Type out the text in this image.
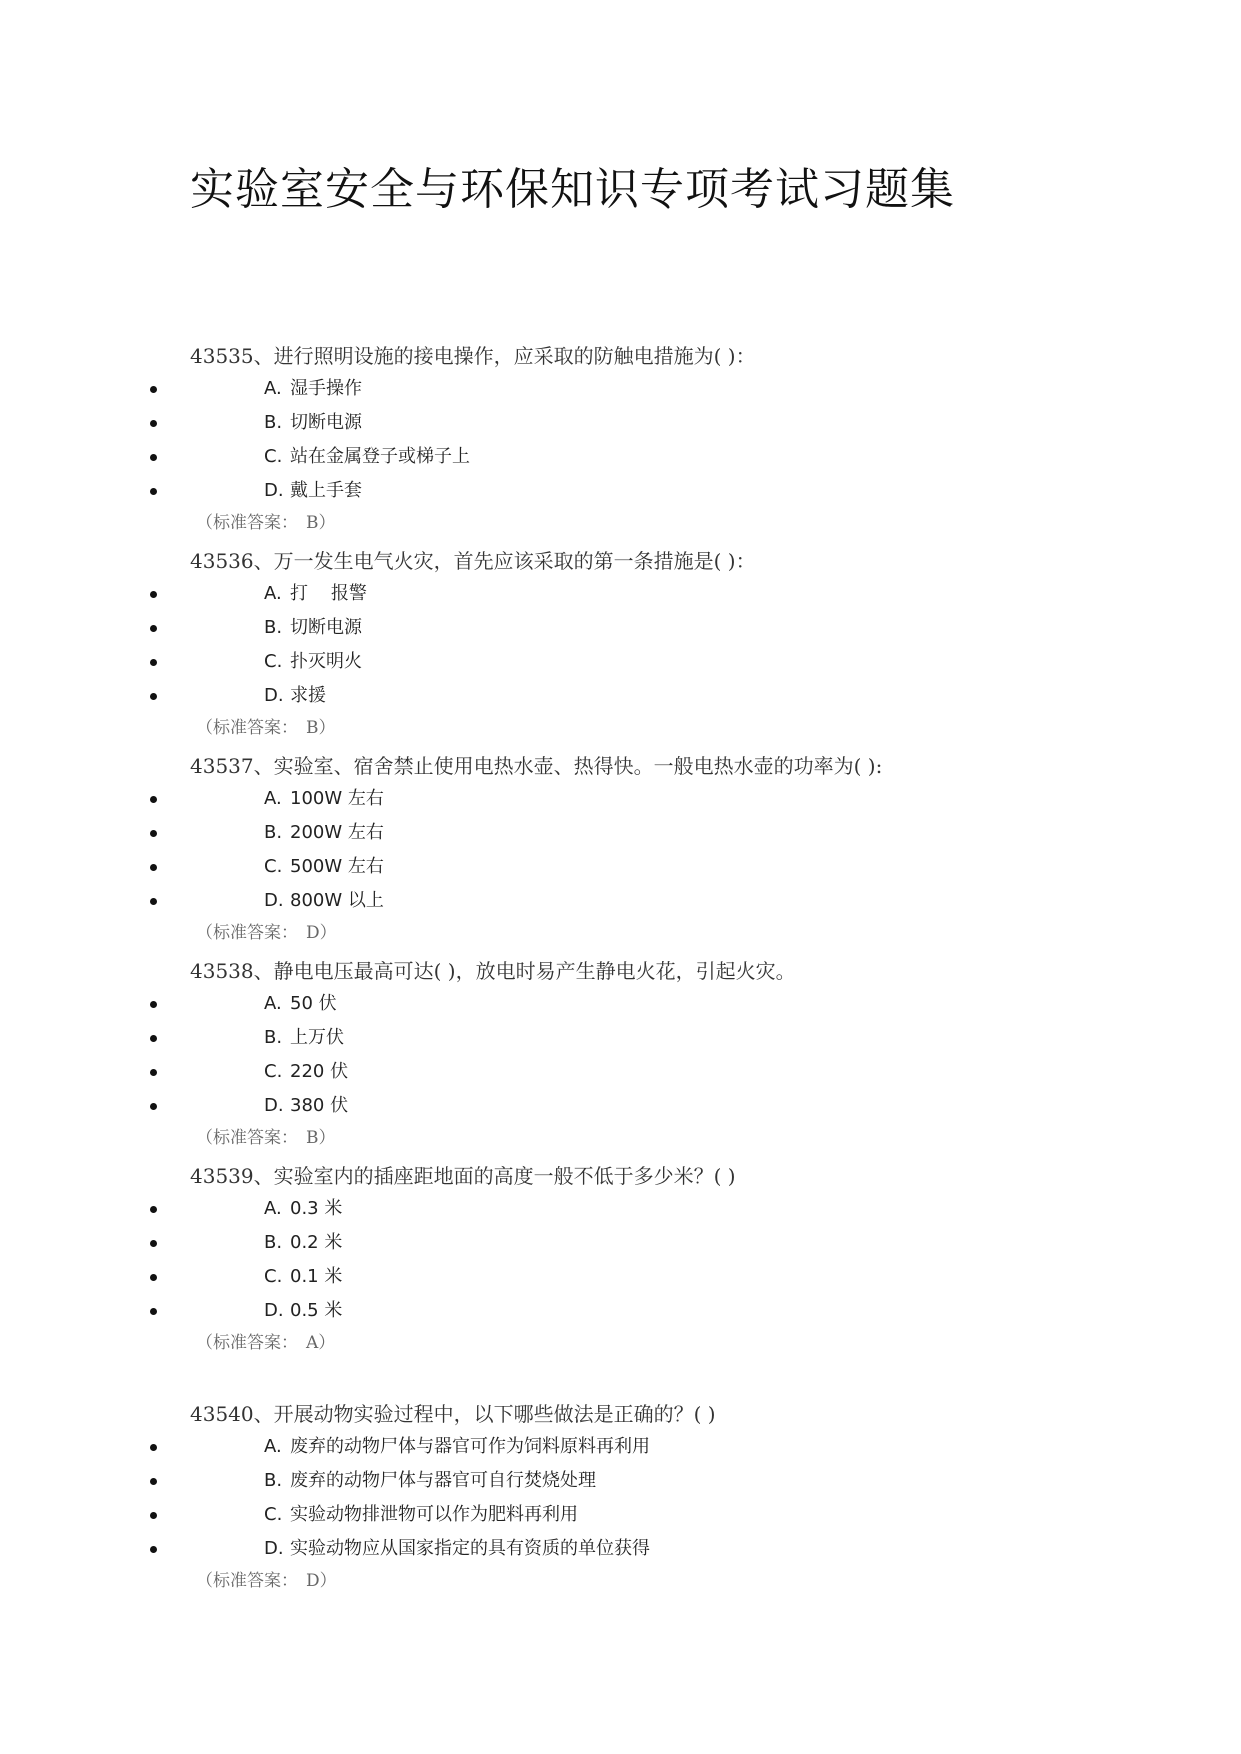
实验室安全与环保知识专项考试习题集
43535、进行照明设施的接电操作，应采取的防触电措施为( )：
A. 湿手操作
B. 切断电源
C. 站在金属登子或梯子上
D. 戴上手套
（标准答案： B）
43536、万一发生电气火灾，首先应该采取的第一条措施是( )：
A. 打    报警
B. 切断电源
C. 扑灭明火
D. 求援
（标准答案： B）
43537、实验室、宿舍禁止使用电热水壶、热得快。一般电热水壶的功率为( ):
A. 100W 左右
B. 200W 左右
C. 500W 左右
D. 800W 以上
（标准答案： D）
43538、静电电压最高可达( )，放电时易产生静电火花，引起火灾。
A. 50 伏
B. 上万伏
C. 220 伏
D. 380 伏
（标准答案： B）
43539、实验室内的插座距地面的高度一般不低于多少米？( )
A. 0.3 米
B. 0.2 米
C. 0.1 米
D. 0.5 米
（标准答案： A）
43540、开展动物实验过程中，以下哪些做法是正确的？( )
A. 废弃的动物尸体与器官可作为饲料原料再利用
B. 废弃的动物尸体与器官可自行焚烧处理
C. 实验动物排泄物可以作为肥料再利用
D. 实验动物应从国家指定的具有资质的单位获得
（标准答案： D）
